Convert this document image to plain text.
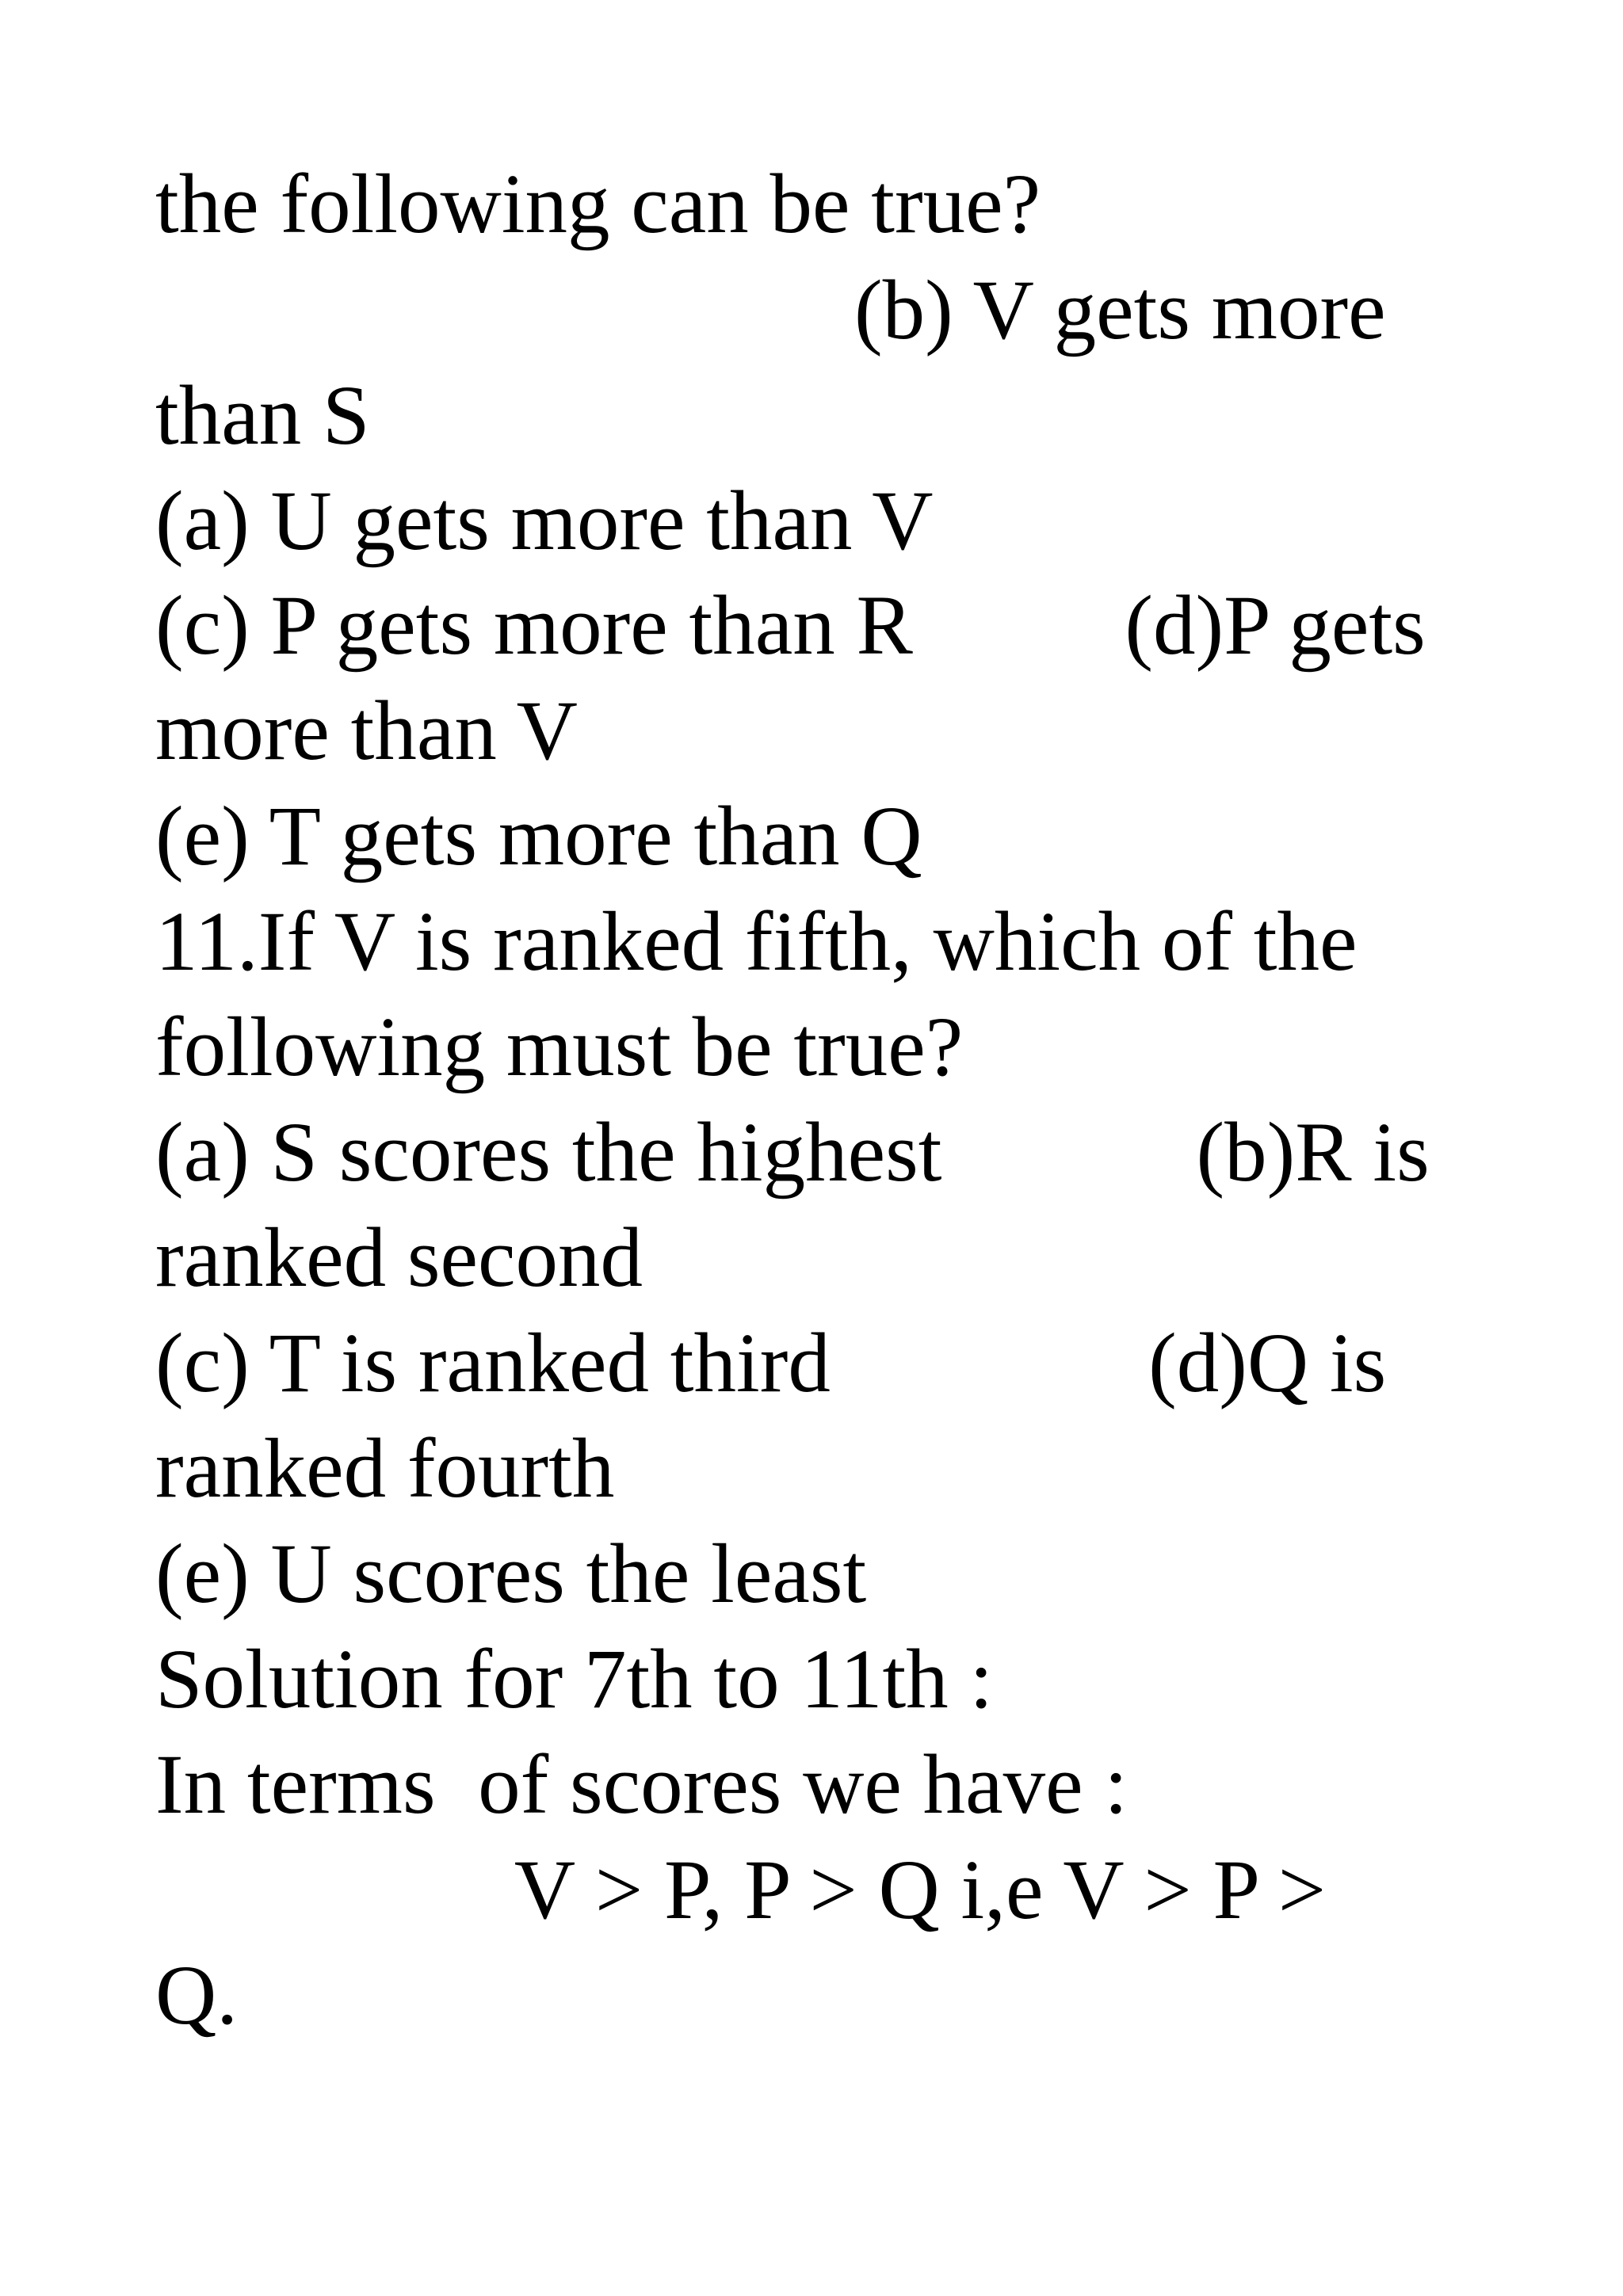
the following can be true?

(b) V gets more

than S

(a) U gets more than V

(c) P gets more than R          (d)P gets

more than V

(e) T gets more than Q

11.If V is ranked fifth, which of the

following must be true?

(a) S scores the highest            (b)R is

ranked second

(c) T is ranked third               (d)Q is

ranked fourth

(e) U scores the least

Solution for 7th to 11th :

In terms  of scores we have :

V > P, P > Q i,e V > P >

Q.
